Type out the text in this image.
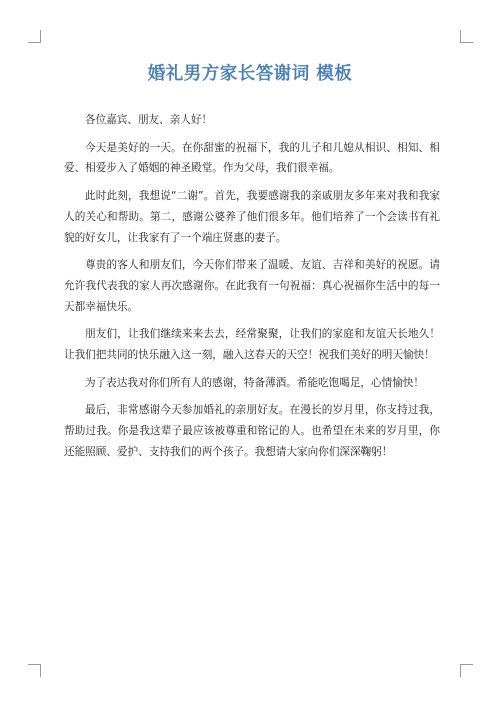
婚礼男方家长答谢词 模板

各位嘉宾、朋友、亲人好！

今天是美好的一天。在你甜蜜的祝福下，我的儿子和儿媳从相识、相知、相爱、相爱步入了婚姻的神圣殿堂。作为父母，我们很幸福。

此时此刻，我想说“二谢”。首先，我要感谢我的亲戚朋友多年来对我和我家人的关心和帮助。第二，感谢公婆养了他们很多年。他们培养了一个会读书有礼貌的好女儿，让我家有了一个端庄贤惠的妻子。

尊贵的客人和朋友们，今天你们带来了温暖、友谊、吉祥和美好的祝愿。请允许我代表我的家人再次感谢你。在此我有一句祝福：真心祝福你生活中的每一天都幸福快乐。

朋友们，让我们继续来来去去，经常聚聚，让我们的家庭和友谊天长地久！让我们把共同的快乐融入这一刻，融入这春天的天空！祝我们美好的明天愉快！

为了表达我对你们所有人的感谢，特备薄酒。希能吃饱喝足，心情愉快！

最后，非常感谢今天参加婚礼的亲朋好友。在漫长的岁月里，你支持过我，帮助过我。你是我这辈子最应该被尊重和铭记的人。也希望在未来的岁月里，你还能照顾、爱护、支持我们的两个孩子。我想请大家向你们深深鞠躬！
